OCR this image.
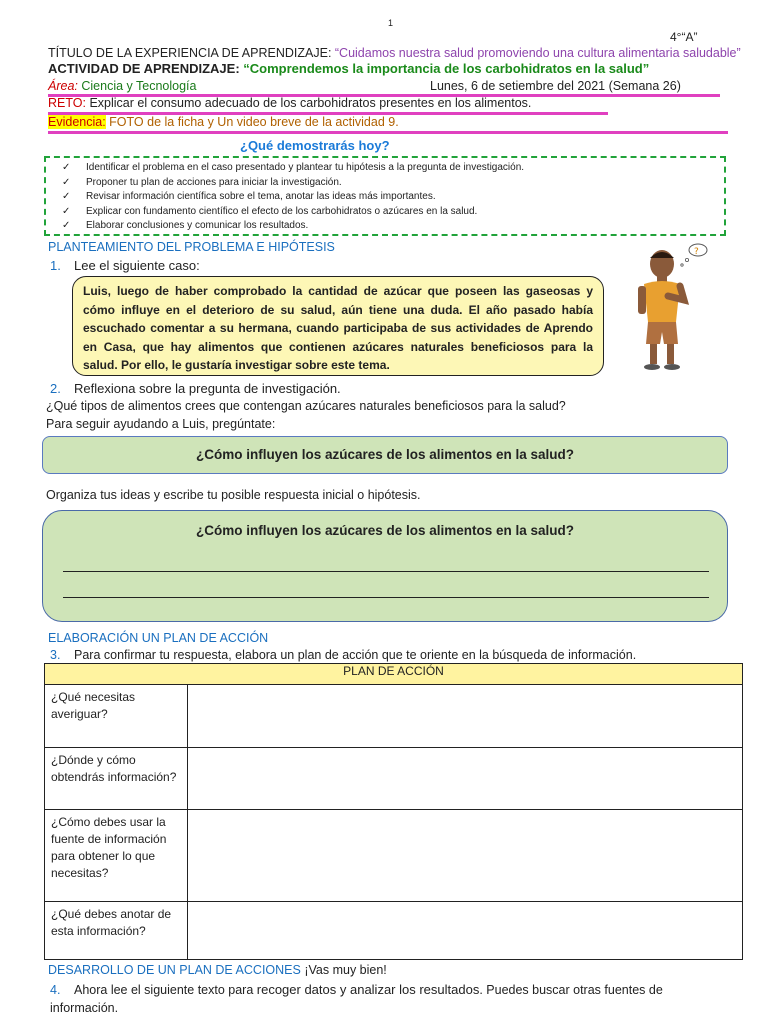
1
4°“A”
TÍTULO DE LA EXPERIENCIA DE APRENDIZAJE: “Cuidamos nuestra salud promoviendo una cultura alimentaria saludable”
ACTIVIDAD DE APRENDIZAJE: “Comprendemos la importancia de los carbohidratos en la salud”
Área: Ciencia y Tecnología	Lunes, 6 de setiembre del 2021 (Semana 26)
RETO: Explicar el consumo adecuado de los carbohidratos presentes en los alimentos.
Evidencia: FOTO de la ficha y Un video breve de la actividad 9.
¿Qué demostrarás hoy?
✓ Identificar el problema en el caso presentado y plantear tu hipótesis a la pregunta de investigación.
✓ Proponer tu plan de acciones para iniciar la investigación.
✓ Revisar información científica sobre el tema, anotar las ideas más importantes.
✓ Explicar con fundamento científico el efecto de los carbohidratos o azúcares en la salud.
✓ Elaborar conclusiones y comunicar los resultados.
PLANTEAMIENTO DEL PROBLEMA E HIPÓTESIS
1. Lee el siguiente caso:
Luis, luego de haber comprobado la cantidad de azúcar que poseen las gaseosas y cómo influye en el deterioro de su salud, aún tiene una duda. El año pasado había escuchado comentar a su hermana, cuando participaba de sus actividades de Aprendo en Casa, que hay alimentos que contienen azúcares naturales beneficiosos para la salud. Por ello, le gustaría investigar sobre este tema.
?
2. Reflexiona sobre la pregunta de investigación.
¿Qué tipos de alimentos crees que contengan azúcares naturales beneficiosos para la salud?
Para seguir ayudando a Luis, pregúntate:
¿Cómo influyen los azúcares de los alimentos en la salud?
Organiza tus ideas y escribe tu posible respuesta inicial o hipótesis.
¿Cómo influyen los azúcares de los alimentos en la salud?
ELABORACIÓN UN PLAN DE ACCIÓN
3. Para confirmar tu respuesta, elabora un plan de acción que te oriente en la búsqueda de información.
PLAN DE ACCIÓN	
¿Qué necesitas averiguar?	
¿Dónde y cómo obtendrás información?	
¿Cómo debes usar la fuente de información para obtener lo que necesitas?	
¿Qué debes anotar de esta información?	
DESARROLLO DE UN PLAN DE ACCIONES ¡Vas muy bien!
4. Ahora lee el siguiente texto para recoger datos y analizar los resultados. Puedes buscar otras fuentes de información.
